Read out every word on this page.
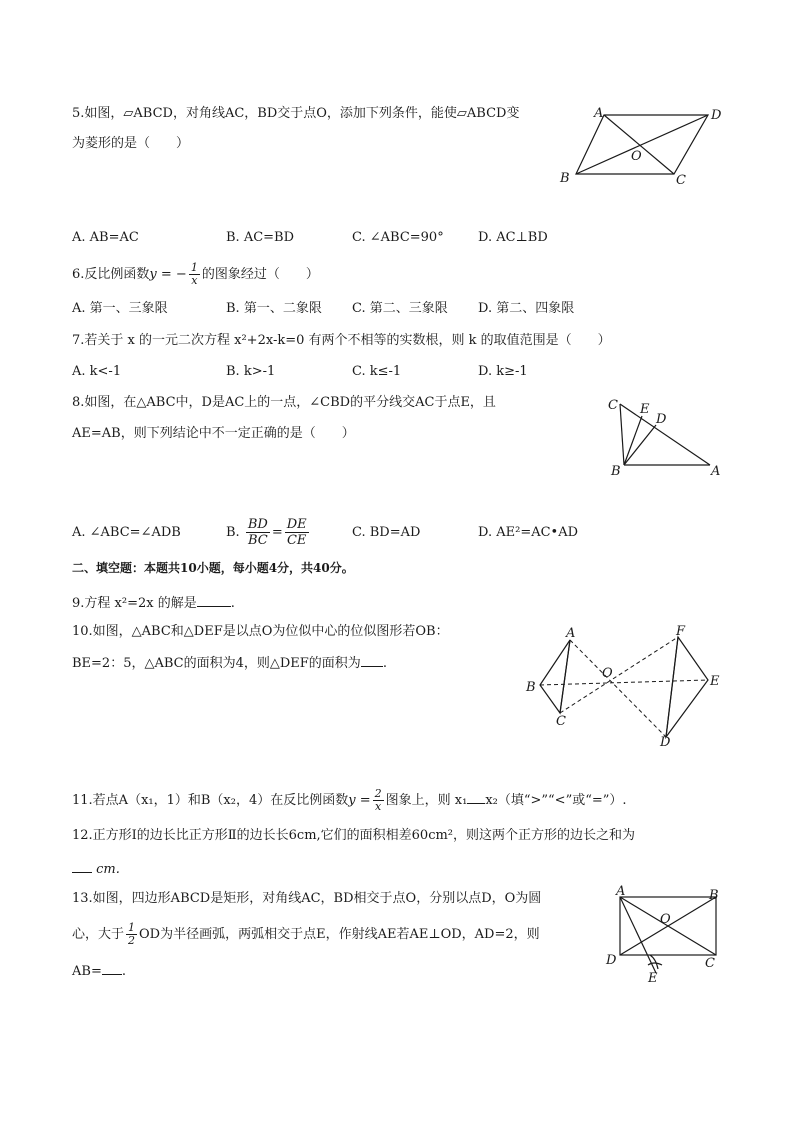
5.如图，▱ABCD，对角线AC，BD交于点O，添加下列条件，能使▱ABCD变
为菱形的是（　　）
A	D
B	C
O
A. AB=AC	B. AC=BD	C. ∠ABC=90°	D. AC⊥BD
6.反比例函数y = − $\frac{1}{x}$ 的图象经过（　　）
A. 第一、三象限	B. 第一、二象限 C. 第二、三象限 D. 第二、四象限
7.若关于 x 的一元二次方程 x²+2x-k=0 有两个不相等的实数根，则 k 的取值范围是（　　）
A. k<-1	B. k>-1	C. k≤-1	D. k≥-1
8.如图，在△ABC中，D是AC上的一点，∠CBD的平分线交AC于点E，且
AE=AB，则下列结论中不一定正确的是（　　）
C E
D
B	A
A. ∠ABC=∠ADB	B. $\frac{BD}{BC} = \frac{DE}{CE}$	C. BD=AD	D. AE²=AC•AD
二、填空题：本题共10小题，每小题4分，共40分。
9.方程 x²=2x 的解是	.
10.如图，△ABC和△DEF是以点O为位似中心的位似图形若OB：
BE=2：5，△ABC的面积为4，则△DEF的面积为 .
A
B
C
O
F
E
D
11.若点A（x₁，1）和B（x₂，4）在反比例函数$y = \frac{2}{x}$ 图象上，则 x₁ x₂（填“>”“<”或“=”）.
12.正方形Ⅰ的边长比正方形Ⅱ的边长长6cm,它们的面积相差60cm²，则这两个正方形的边长之和为
cm.
13.如图，四边形ABCD是矩形，对角线AC，BD相交于点O，分别以点D，O为圆
心，大于 $\frac{1}{2}$ OD为半径画弧，两弧相交于点E，作射线AE若AE⊥OD，AD=2，则
AB= .
A	B
O
D	C
E
